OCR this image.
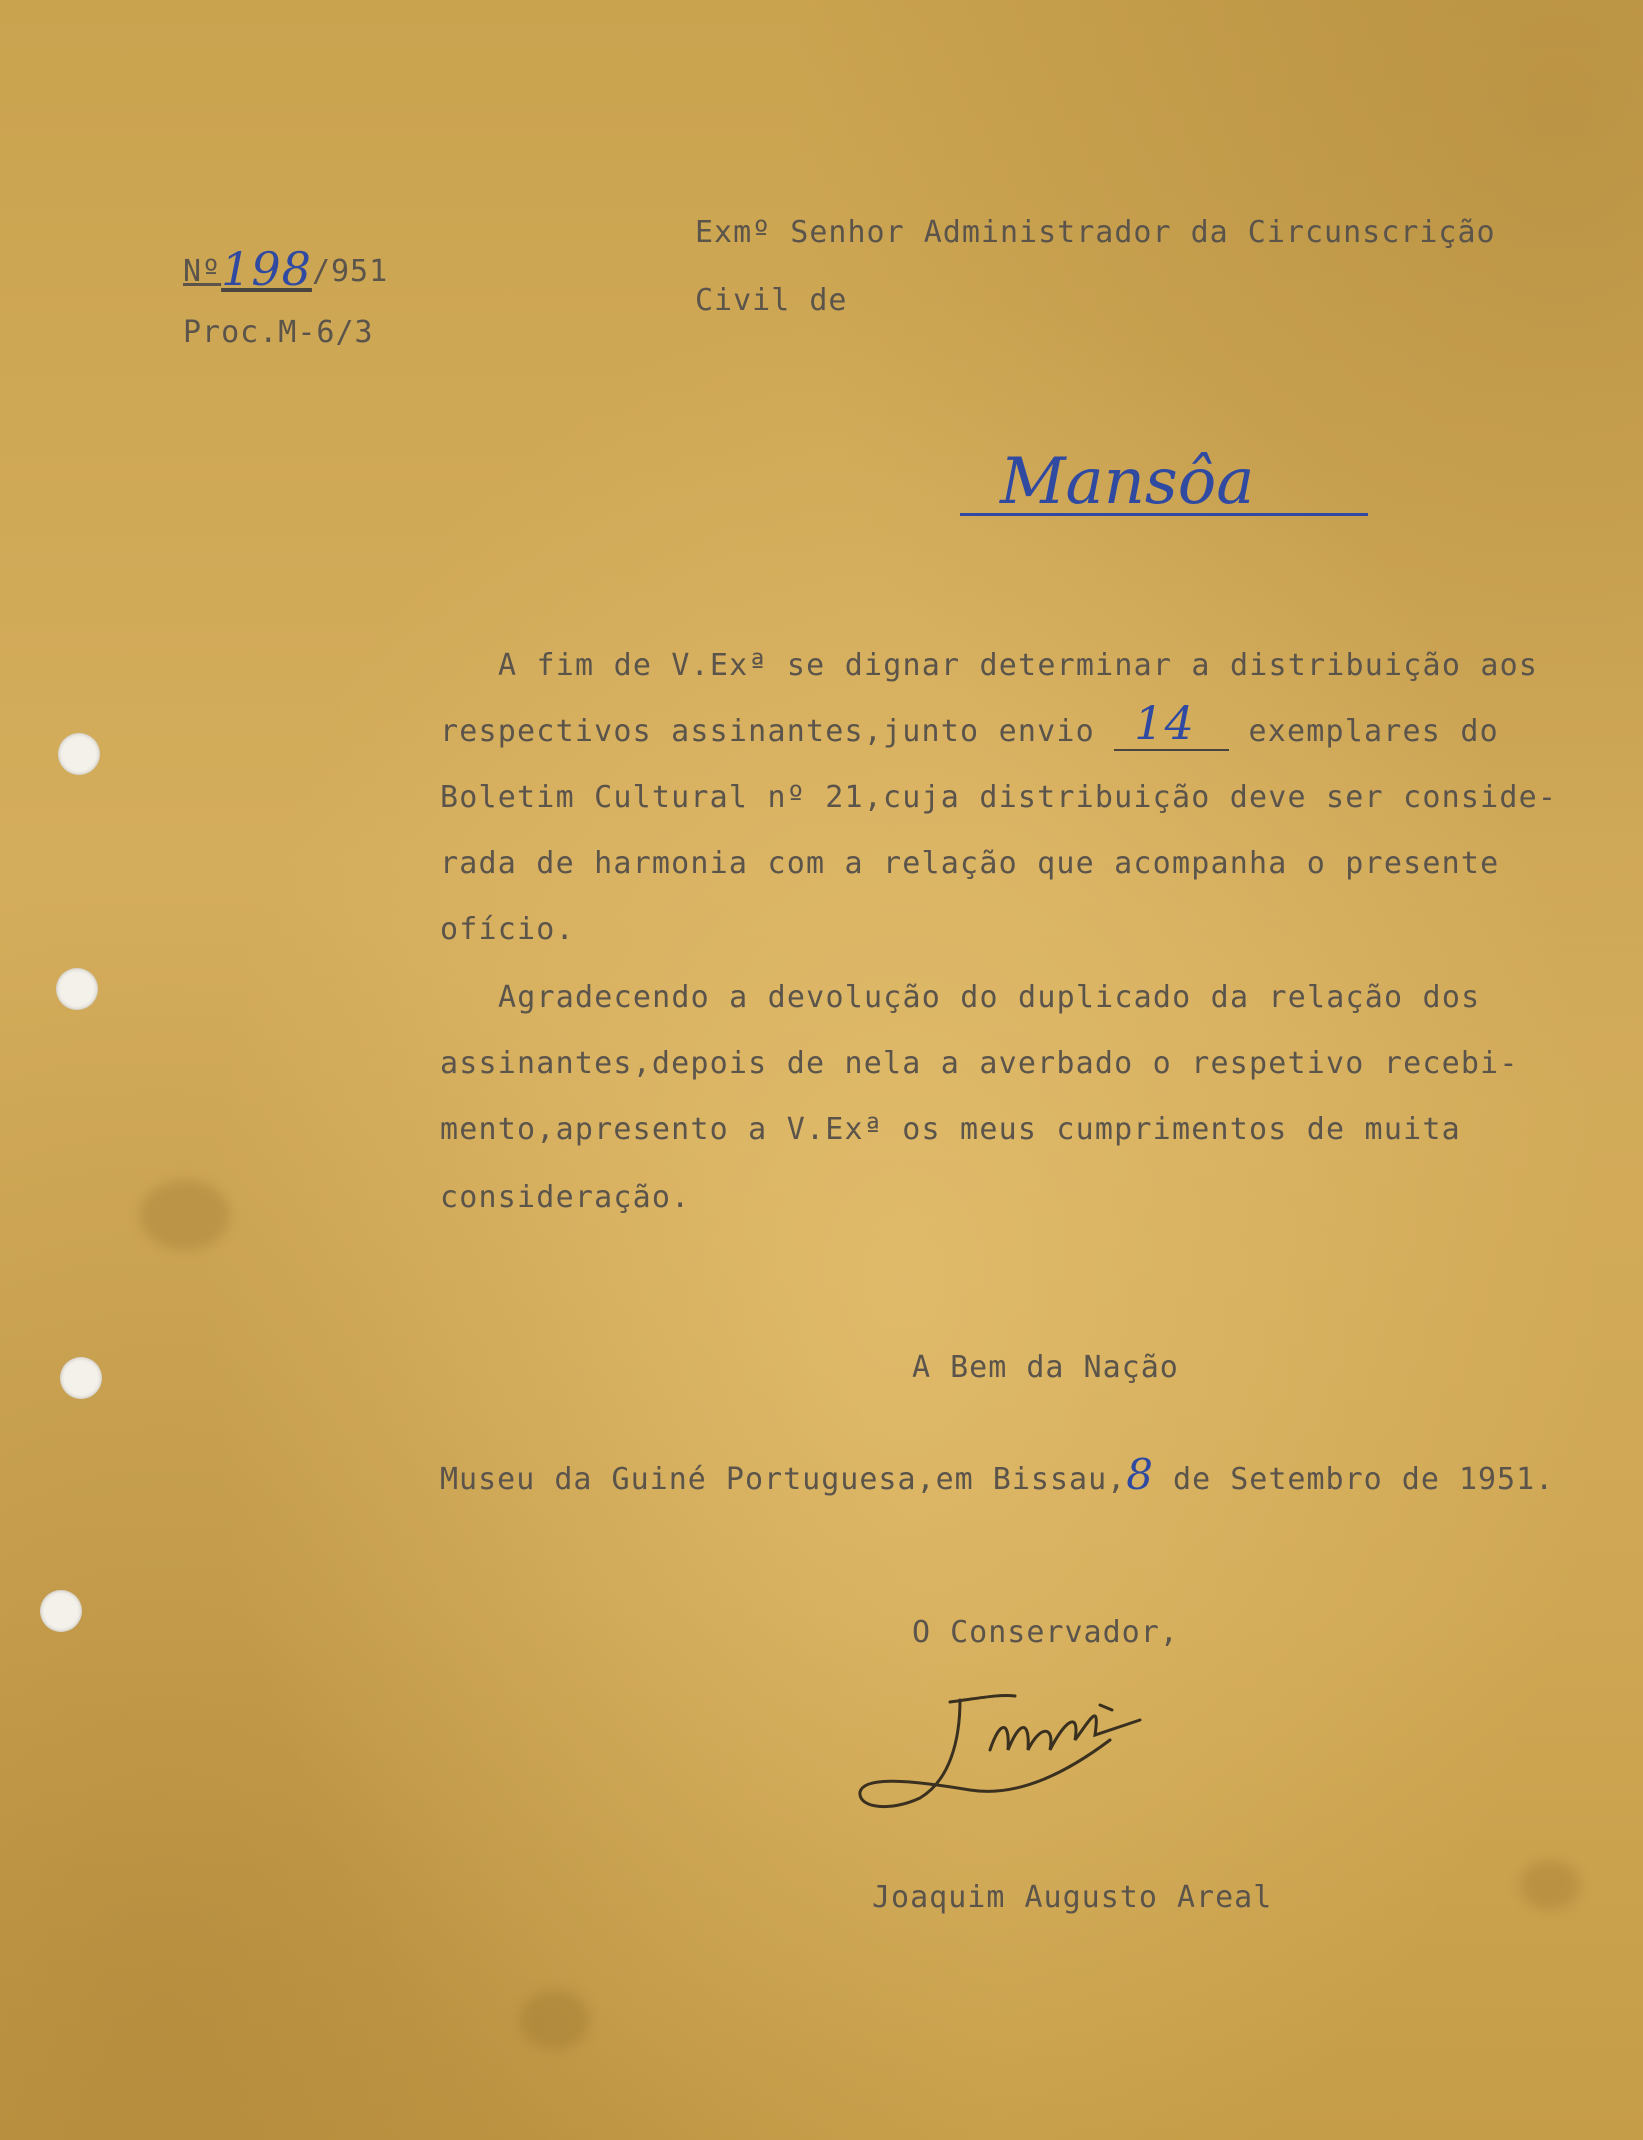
Nº198/951
Proc.M-6/3
Exmº Senhor Administrador da Circunscrição
Civil de
Mansôa
A fim de V.Exª se dignar determinar a distribuição aos
respectivos assinantes,junto envio 14 exemplares do
Boletim Cultural nº 21,cuja distribuição deve ser conside-
rada de harmonia com a relação que acompanha o presente
ofício.
Agradecendo a devolução do duplicado da relação dos
assinantes,depois de nela a averbado o respetivo recebi-
mento,apresento a V.Exª os meus cumprimentos de muita
consideração.
A Bem da Nação
Museu da Guiné Portuguesa,em Bissau,8 de Setembro de 1951.
O Conservador,
Joaquim Augusto Areal
